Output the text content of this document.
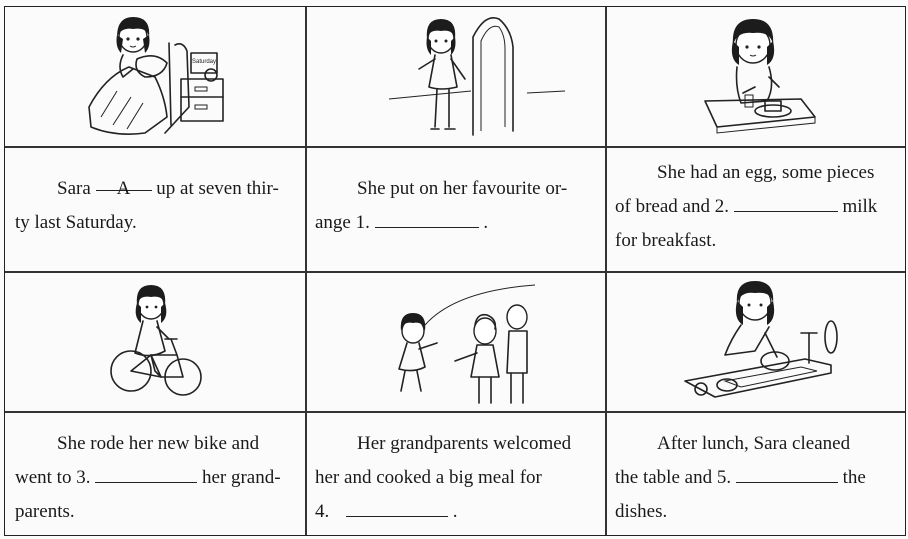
Saturday

Sara A up at seven thir-

ty last Saturday.

She put on her favourite or-

ange 1.	.

She had an egg, some pieces

of bread and 2.	milk

for breakfast.

She rode her new bike and

went to 3.	her grand-

parents.

Her grandparents welcomed

her and cooked a big meal for

4.	.

After lunch, Sara cleaned

the table and 5.	the

dishes.
